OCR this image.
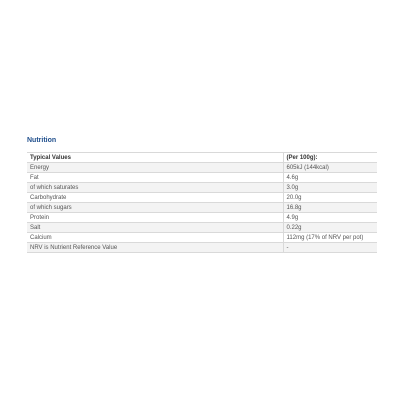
Nutrition
Typical Values	(Per 100g):
Energy	605kJ (144kcal)
Fat	4.6g
of which saturates	3.0g
Carbohydrate	20.0g
of which sugars	16.8g
Protein	4.9g
Salt	0.22g
Calcium	112mg (17% of NRV per pot)
NRV is Nutrient Reference Value	-
